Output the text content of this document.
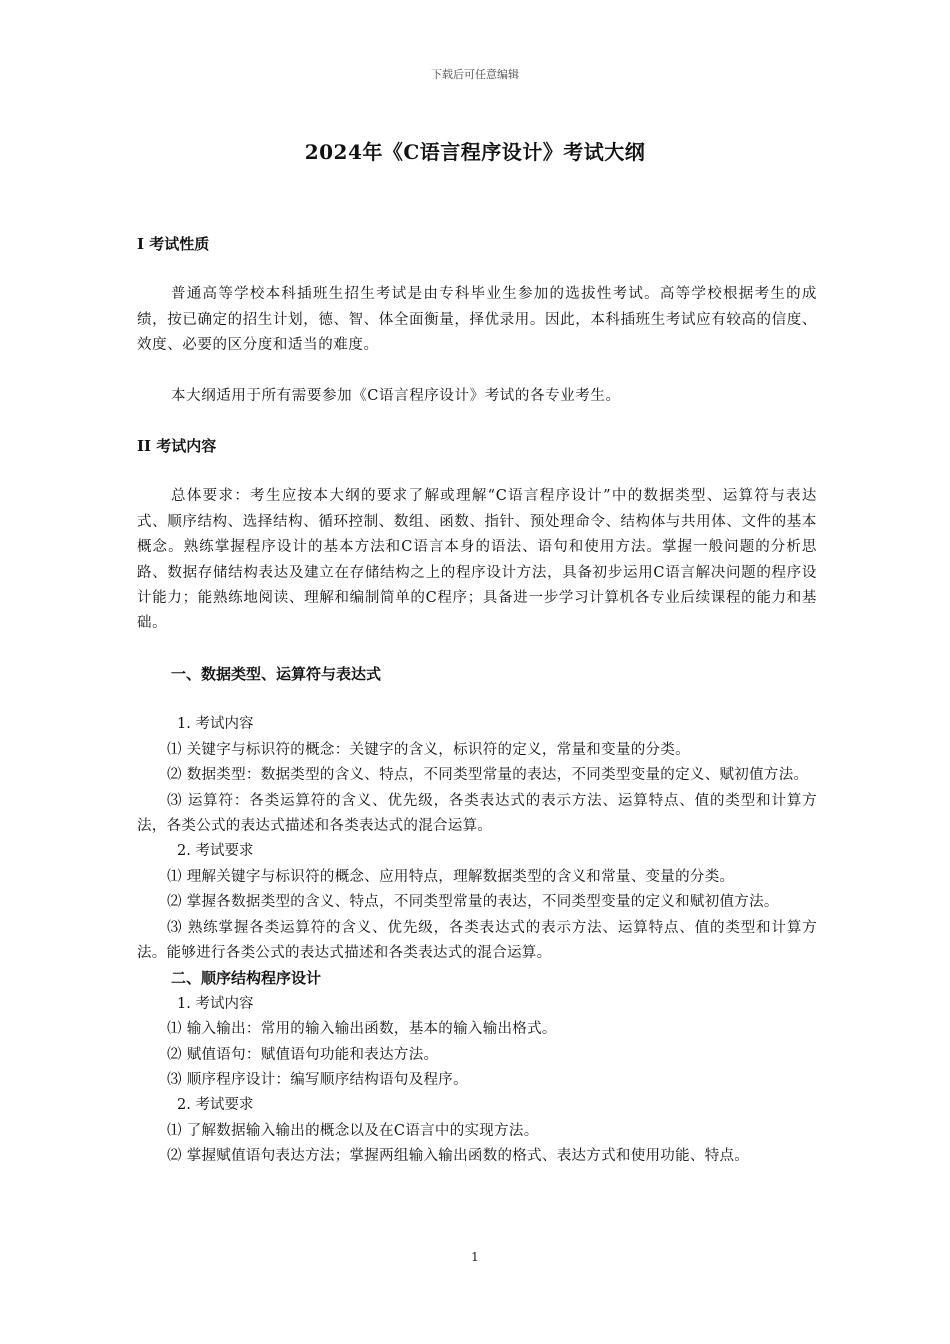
下载后可任意编辑
2024年《C语言程序设计》考试大纲
I 考试性质
普通高等学校本科插班生招生考试是由专科毕业生参加的选拔性考试。高等学校根据考生的成绩，按已确定的招生计划，德、智、体全面衡量，择优录用。因此，本科插班生考试应有较高的信度、效度、必要的区分度和适当的难度。
本大纲适用于所有需要参加《C语言程序设计》考试的各专业考生。
II 考试内容
总体要求：考生应按本大纲的要求了解或理解“C语言程序设计”中的数据类型、运算符与表达式、顺序结构、选择结构、循环控制、数组、函数、指针、预处理命令、结构体与共用体、文件的基本概念。熟练掌握程序设计的基本方法和C语言本身的语法、语句和使用方法。掌握一般问题的分析思路、数据存储结构表达及建立在存储结构之上的程序设计方法，具备初步运用C语言解决问题的程序设计能力；能熟练地阅读、理解和编制简单的C程序；具备进一步学习计算机各专业后续课程的能力和基础。
一、数据类型、运算符与表达式
1. 考试内容
⑴ 关键字与标识符的概念：关键字的含义，标识符的定义，常量和变量的分类。
⑵ 数据类型：数据类型的含义、特点，不同类型常量的表达，不同类型变量的定义、赋初值方法。
⑶ 运算符：各类运算符的含义、优先级，各类表达式的表示方法、运算特点、值的类型和计算方法，各类公式的表达式描述和各类表达式的混合运算。
2. 考试要求
⑴ 理解关键字与标识符的概念、应用特点，理解数据类型的含义和常量、变量的分类。
⑵ 掌握各数据类型的含义、特点，不同类型常量的表达，不同类型变量的定义和赋初值方法。
⑶ 熟练掌握各类运算符的含义、优先级，各类表达式的表示方法、运算特点、值的类型和计算方法。能够进行各类公式的表达式描述和各类表达式的混合运算。
二、顺序结构程序设计
1. 考试内容
⑴ 输入输出：常用的输入输出函数，基本的输入输出格式。
⑵ 赋值语句：赋值语句功能和表达方法。
⑶ 顺序程序设计：编写顺序结构语句及程序。
2. 考试要求
⑴ 了解数据输入输出的概念以及在C语言中的实现方法。
⑵ 掌握赋值语句表达方法；掌握两组输入输出函数的格式、表达方式和使用功能、特点。
1
